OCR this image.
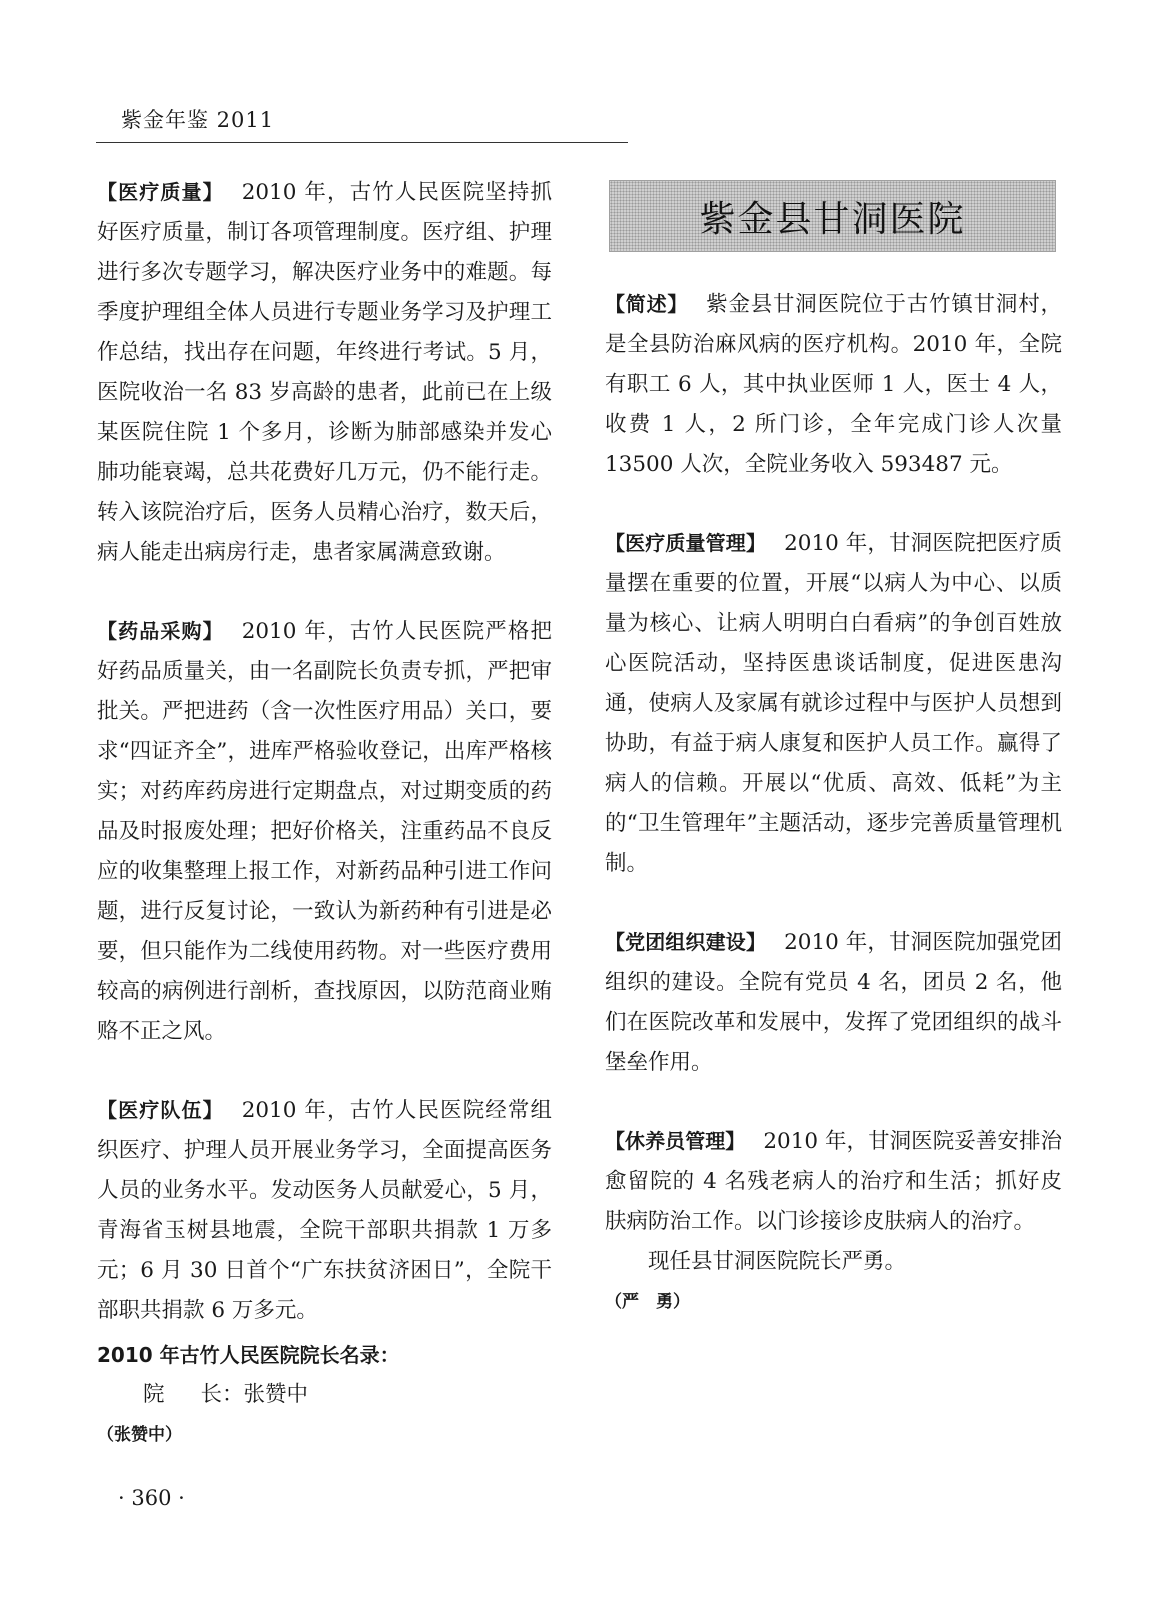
紫金年鉴 2011

【医疗质量】 2010 年，古竹人民医院坚持抓好医疗质量，制订各项管理制度。医疗组、护理进行多次专题学习，解决医疗业务中的难题。每季度护理组全体人员进行专题业务学习及护理工作总结，找出存在问题，年终进行考试。5 月，医院收治一名 83 岁高龄的患者，此前已在上级某医院住院 1 个多月，诊断为肺部感染并发心肺功能衰竭，总共花费好几万元，仍不能行走。转入该院治疗后，医务人员精心治疗，数天后，病人能走出病房行走，患者家属满意致谢。

【药品采购】 2010 年，古竹人民医院严格把好药品质量关，由一名副院长负责专抓，严把审批关。严把进药（含一次性医疗用品）关口，要求“四证齐全”，进库严格验收登记，出库严格核实；对药库药房进行定期盘点，对过期变质的药品及时报废处理；把好价格关，注重药品不良反应的收集整理上报工作，对新药品种引进工作问题，进行反复讨论，一致认为新药种有引进是必要，但只能作为二线使用药物。对一些医疗费用较高的病例进行剖析，查找原因，以防范商业贿赂不正之风。

【医疗队伍】 2010 年，古竹人民医院经常组织医疗、护理人员开展业务学习，全面提高医务人员的业务水平。发动医务人员献爱心，5 月，青海省玉树县地震，全院干部职共捐款 1 万多元；6 月 30 日首个“广东扶贫济困日”，全院干部职共捐款 6 万多元。

2010 年古竹人民医院院长名录：

院 长：张赞中

（张赞中）

紫金县甘洞医院

【简述】 紫金县甘洞医院位于古竹镇甘洞村，是全县防治麻风病的医疗机构。2010 年，全院有职工 6 人，其中执业医师 1 人，医士 4 人，收费 1 人，2 所门诊，全年完成门诊人次量 13500 人次，全院业务收入 593487 元。

【医疗质量管理】 2010 年，甘洞医院把医疗质量摆在重要的位置，开展“以病人为中心、以质量为核心、让病人明明白白看病”的争创百姓放心医院活动，坚持医患谈话制度，促进医患沟通，使病人及家属有就诊过程中与医护人员想到协助，有益于病人康复和医护人员工作。赢得了病人的信赖。开展以“优质、高效、低耗”为主的“卫生管理年”主题活动，逐步完善质量管理机制。

【党团组织建设】 2010 年，甘洞医院加强党团组织的建设。全院有党员 4 名，团员 2 名，他们在医院改革和发展中，发挥了党团组织的战斗堡垒作用。

【休养员管理】 2010 年，甘洞医院妥善安排治愈留院的 4 名残老病人的治疗和生活；抓好皮肤病防治工作。以门诊接诊皮肤病人的治疗。

现任县甘洞医院院长严勇。

（严　勇）

· 360 ·
